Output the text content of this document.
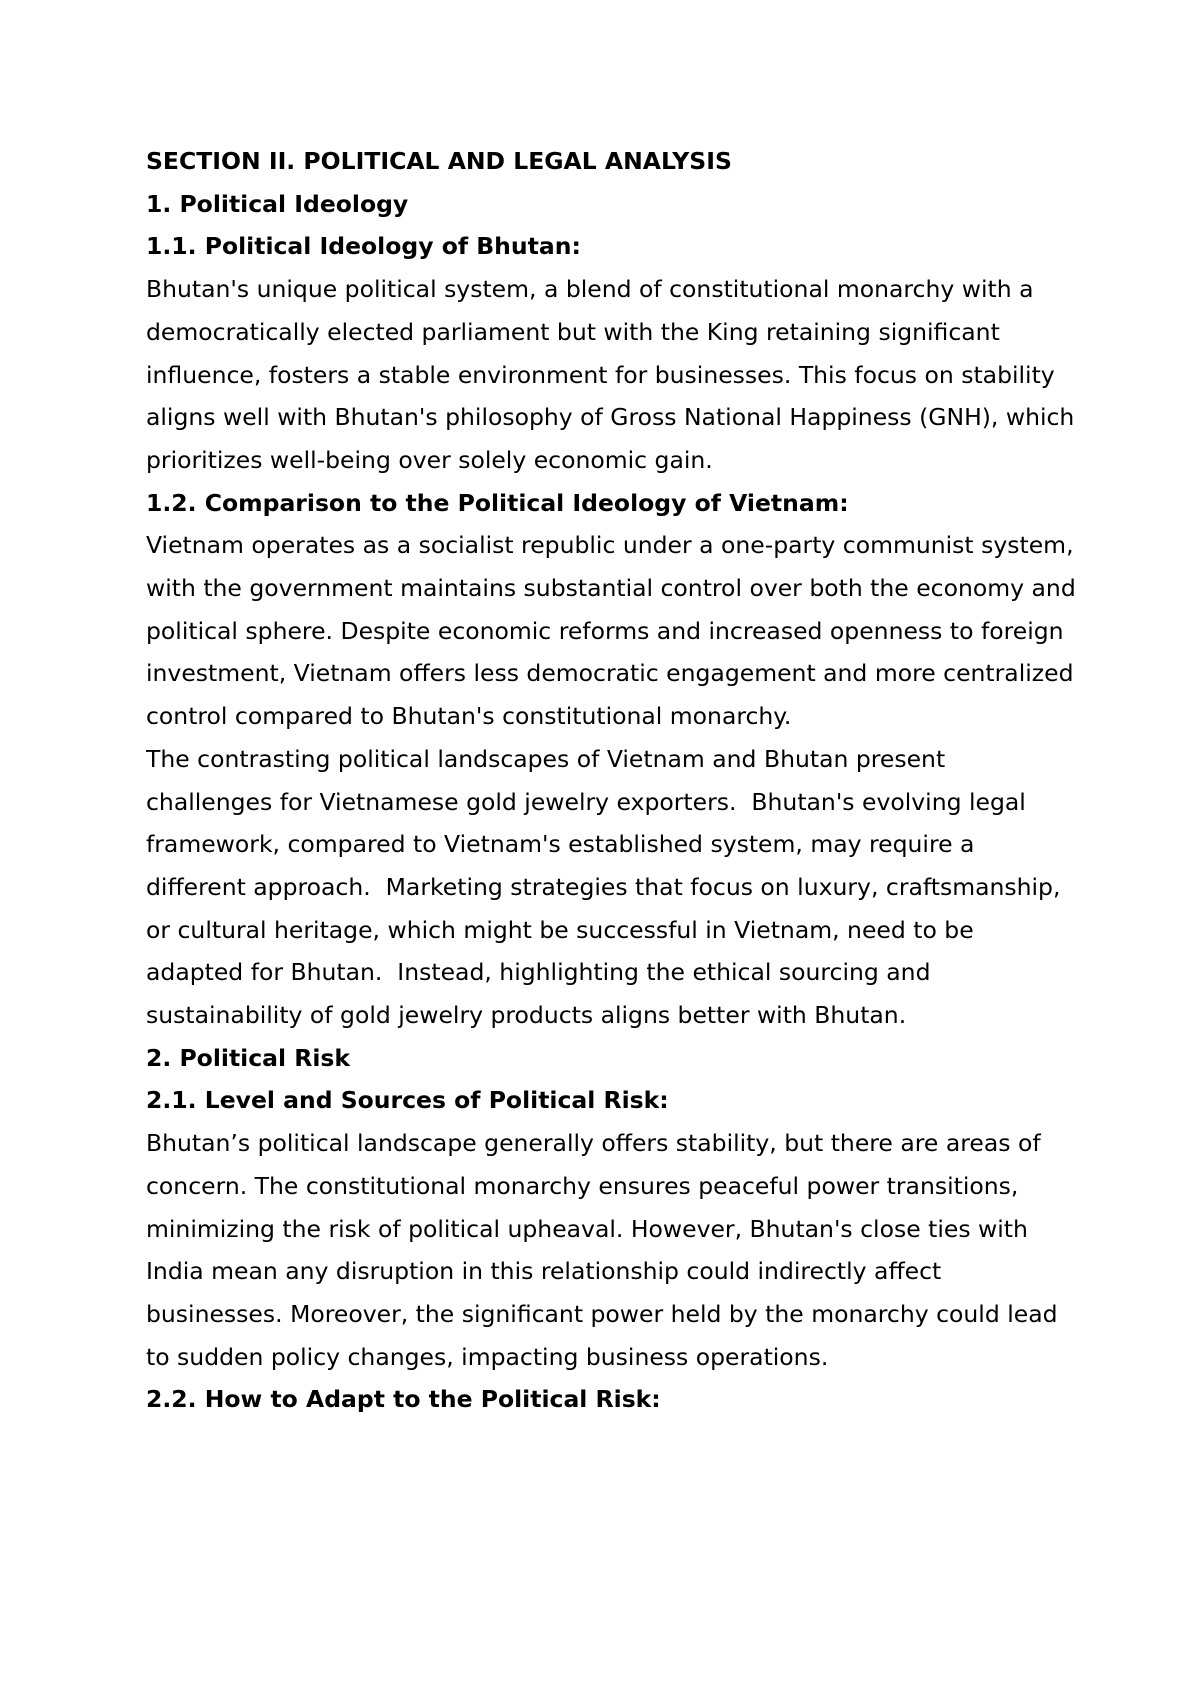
SECTION II. POLITICAL AND LEGAL ANALYSIS

1. Political Ideology

1.1. Political Ideology of Bhutan:

Bhutan's unique political system, a blend of constitutional monarchy with a democratically elected parliament but with the King retaining significant influence, fosters a stable environment for businesses. This focus on stability aligns well with Bhutan's philosophy of Gross National Happiness (GNH), which prioritizes well-being over solely economic gain.

1.2. Comparison to the Political Ideology of Vietnam:

Vietnam operates as a socialist republic under a one-party communist system, with the government maintains substantial control over both the economy and political sphere. Despite economic reforms and increased openness to foreign investment, Vietnam offers less democratic engagement and more centralized control compared to Bhutan's constitutional monarchy.

The contrasting political landscapes of Vietnam and Bhutan present challenges for Vietnamese gold jewelry exporters.  Bhutan's evolving legal framework, compared to Vietnam's established system, may require a different approach.  Marketing strategies that focus on luxury, craftsmanship, or cultural heritage, which might be successful in Vietnam, need to be adapted for Bhutan.  Instead, highlighting the ethical sourcing and sustainability of gold jewelry products aligns better with Bhutan.

2. Political Risk

2.1. Level and Sources of Political Risk:

Bhutan’s political landscape generally offers stability, but there are areas of concern. The constitutional monarchy ensures peaceful power transitions, minimizing the risk of political upheaval. However, Bhutan's close ties with India mean any disruption in this relationship could indirectly affect businesses. Moreover, the significant power held by the monarchy could lead to sudden policy changes, impacting business operations.

2.2. How to Adapt to the Political Risk:
